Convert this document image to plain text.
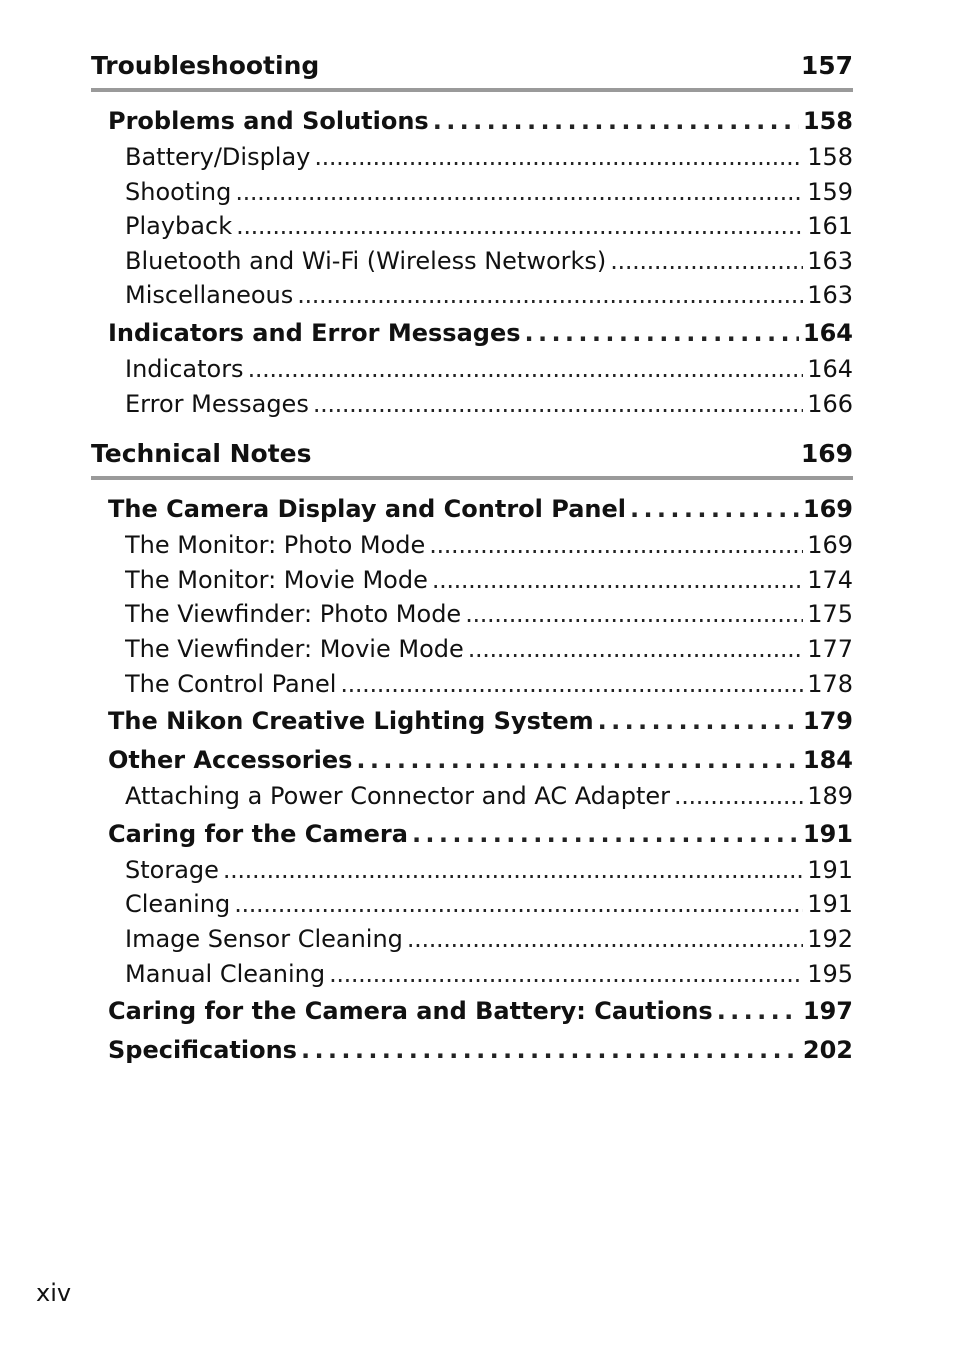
Troubleshooting	157
Problems and Solutions . . .	158
Battery/Display . . .	158
Shooting . . .	159
Playback . . .	161
Bluetooth and Wi-Fi (Wireless Networks) . . .	163
Miscellaneous . . .	163
Indicators and Error Messages . . .	164
Indicators . . .	164
Error Messages . . .	166
Technical Notes	169
The Camera Display and Control Panel . . .	169
The Monitor: Photo Mode . . .	169
The Monitor: Movie Mode . . .	174
The Viewfinder: Photo Mode . . .	175
The Viewfinder: Movie Mode . . .	177
The Control Panel . . .	178
The Nikon Creative Lighting System . . .	179
Other Accessories . . .	184
Attaching a Power Connector and AC Adapter . . .	189
Caring for the Camera . . .	191
Storage . . .	191
Cleaning . . .	191
Image Sensor Cleaning . . .	192
Manual Cleaning . . .	195
Caring for the Camera and Battery: Cautions . . .	197
Specifications . . .	202
xiv
